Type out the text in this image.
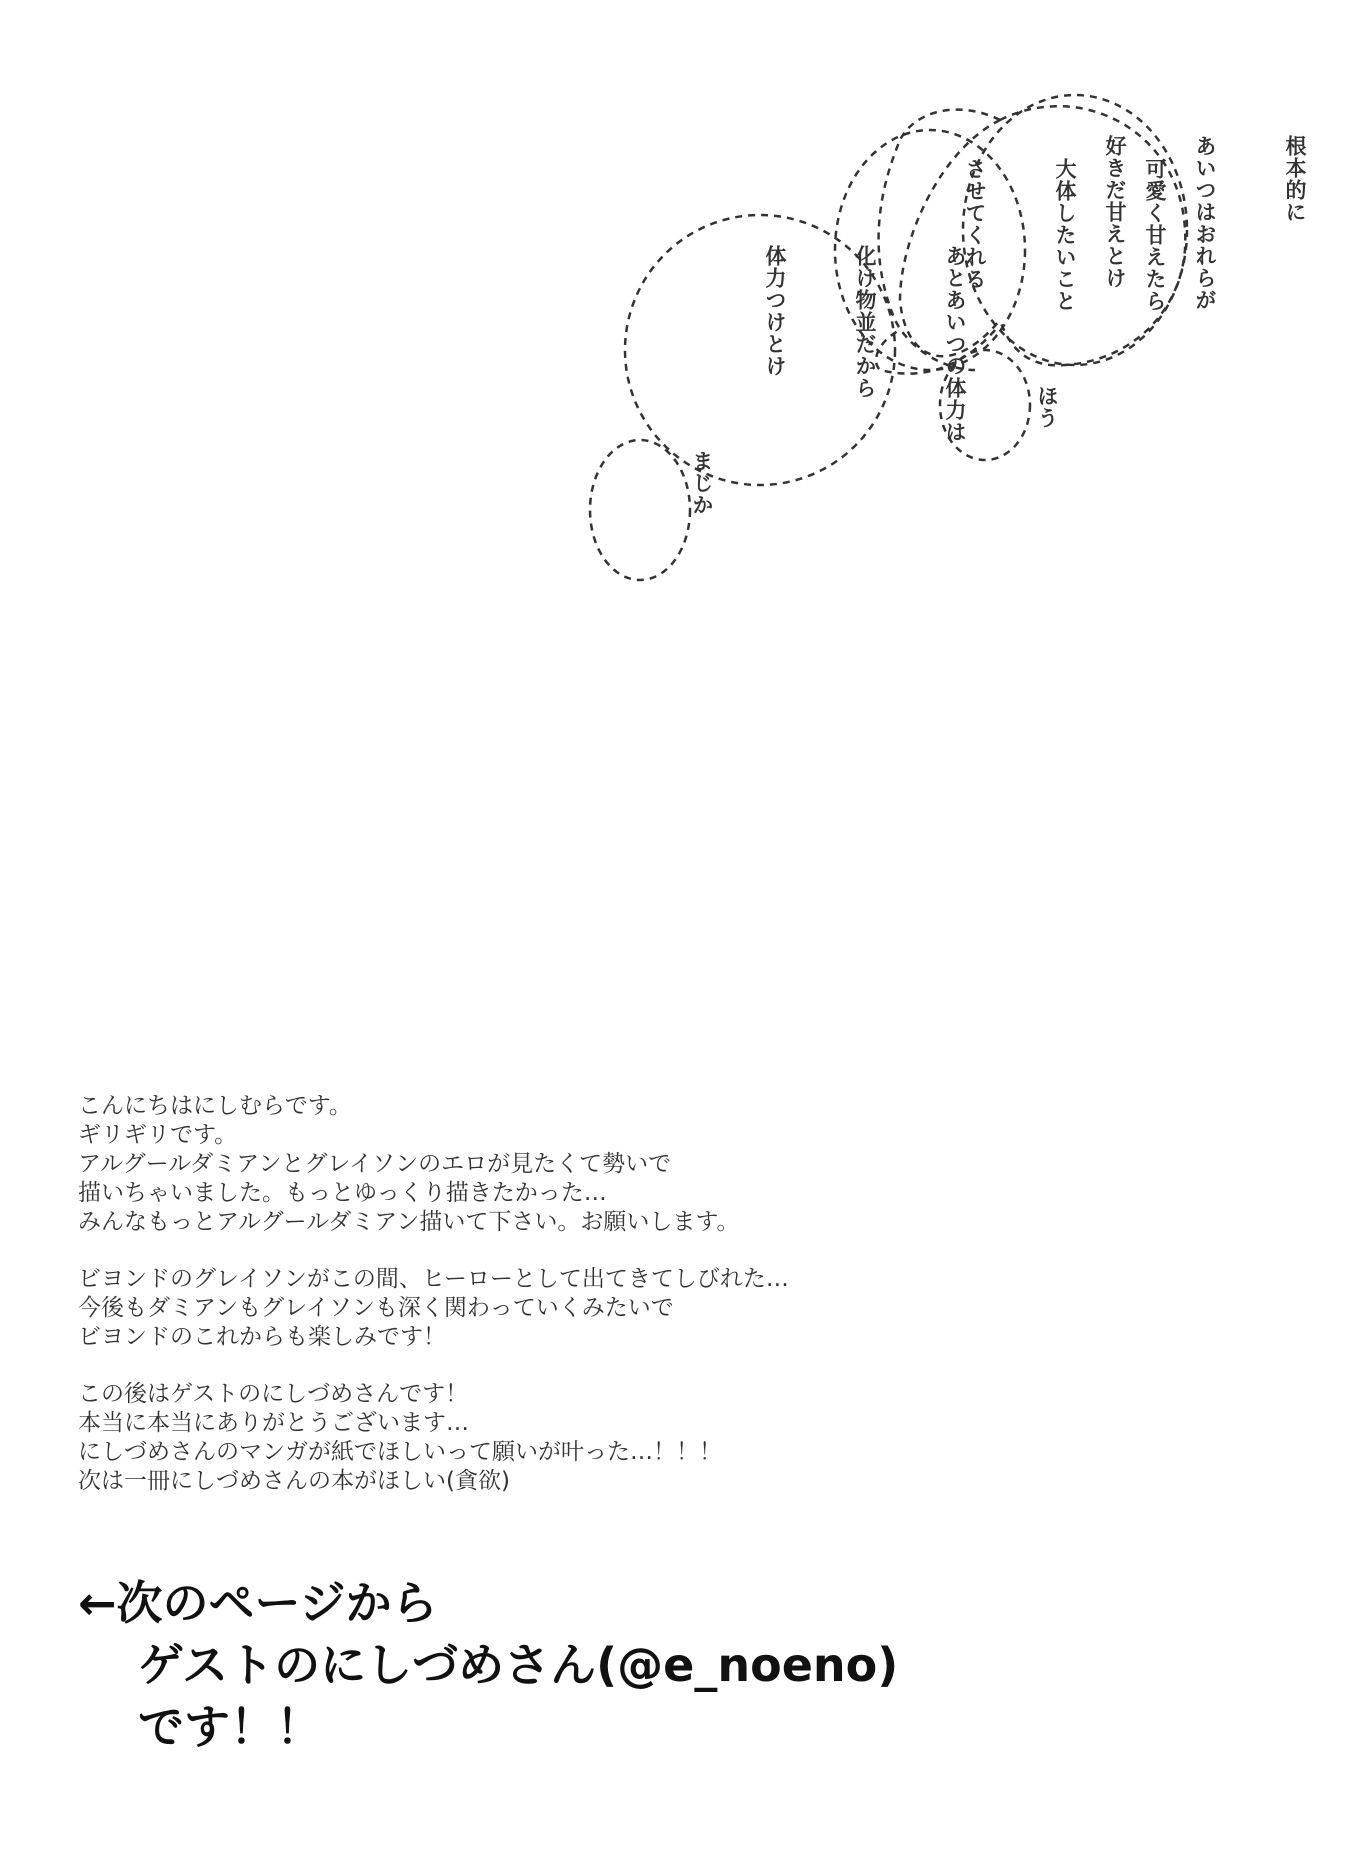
根本的に

あいつはおれらが

好きだ甘えとけ

可愛く甘えたら

大体したいこと

させてくれる

ほう

あとあいつの体力は

化け物並だから

体力つけとけ

まじか

こんにちはにしむらです。
ギリギリです。
アルグールダミアンとグレイソンのエロが見たくて勢いで
描いちゃいました。もっとゆっくり描きたかった…
みんなもっとアルグールダミアン描いて下さい。お願いします。
ビヨンドのグレイソンがこの間、ヒーローとして出てきてしびれた…
今後もダミアンもグレイソンも深く関わっていくみたいで
ビヨンドのこれからも楽しみです！
この後はゲストのにしづめさんです！
本当に本当にありがとうございます…
にしづめさんのマンガが紙でほしいって願いが叶った…！！！
次は一冊にしづめさんの本がほしい(貪欲)
←次のページから
ゲストのにしづめさん(@e_noeno)
です！！
